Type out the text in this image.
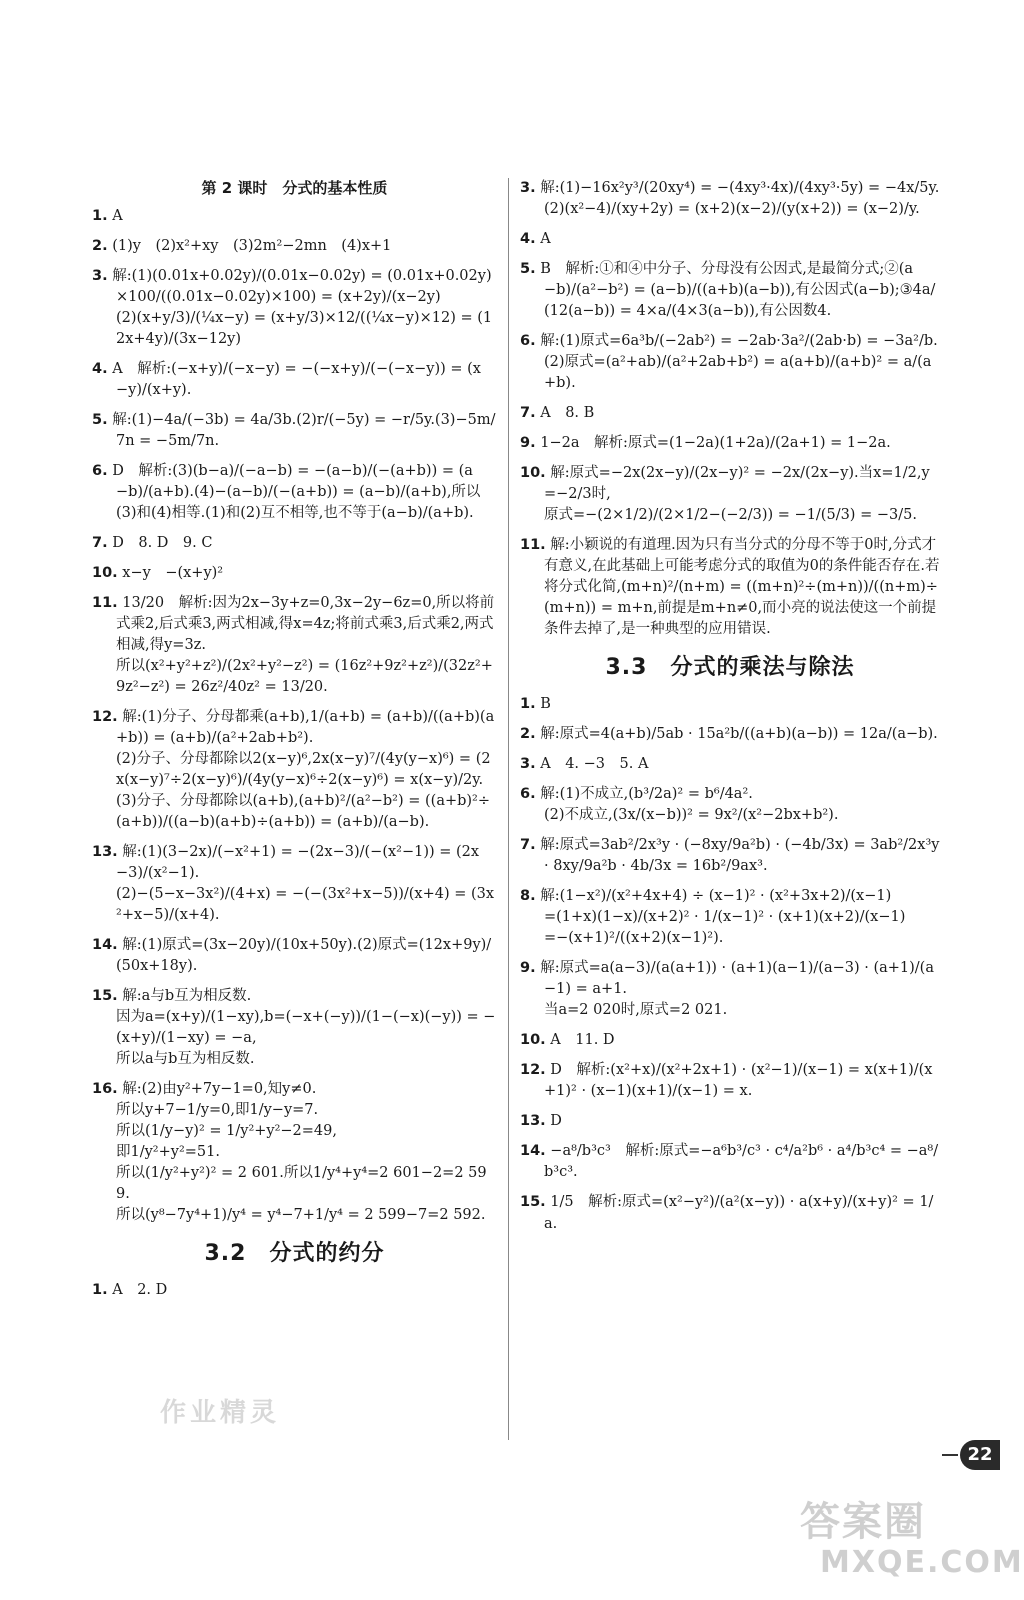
第 2 课时　分式的基本性质
1. A
2. (1)y　(2)x²+xy　(3)2m²−2mn　(4)x+1
3. 解:(1)(0.01x+0.02y)/(0.01x−0.02y) = (0.01x+0.02y)×100/((0.01x−0.02y)×100) = (x+2y)/(x−2y)
(2)(x+y/3)/(¼x−y) = (x+y/3)×12/((¼x−y)×12) = (12x+4y)/(3x−12y)
4. A　解析:(−x+y)/(−x−y) = −(−x+y)/(−(−x−y)) = (x−y)/(x+y).
5. 解:(1)−4a/(−3b) = 4a/3b.(2)r/(−5y) = −r/5y.(3)−5m/7n = −5m/7n.
6. D　解析:(3)(b−a)/(−a−b) = −(a−b)/(−(a+b)) = (a−b)/(a+b).(4)−(a−b)/(−(a+b)) = (a−b)/(a+b),所以(3)和(4)相等.(1)和(2)互不相等,也不等于(a−b)/(a+b).
7. D　8. D　9. C
10. x−y　−(x+y)²
11. 13/20　解析:因为2x−3y+z=0,3x−2y−6z=0,所以将前式乘2,后式乘3,两式相减,得x=4z;将前式乘3,后式乘2,两式相减,得y=3z.
所以(x²+y²+z²)/(2x²+y²−z²) = (16z²+9z²+z²)/(32z²+9z²−z²) = 26z²/40z² = 13/20.
12. 解:(1)分子、分母都乘(a+b),1/(a+b) = (a+b)/((a+b)(a+b)) = (a+b)/(a²+2ab+b²).
(2)分子、分母都除以2(x−y)⁶,2x(x−y)⁷/(4y(y−x)⁶) = (2x(x−y)⁷÷2(x−y)⁶)/(4y(y−x)⁶÷2(x−y)⁶) = x(x−y)/2y.
(3)分子、分母都除以(a+b),(a+b)²/(a²−b²) = ((a+b)²÷(a+b))/((a−b)(a+b)÷(a+b)) = (a+b)/(a−b).
13. 解:(1)(3−2x)/(−x²+1) = −(2x−3)/(−(x²−1)) = (2x−3)/(x²−1).
(2)−(5−x−3x²)/(4+x) = −(−(3x²+x−5))/(x+4) = (3x²+x−5)/(x+4).
14. 解:(1)原式=(3x−20y)/(10x+50y).(2)原式=(12x+9y)/(50x+18y).
15. 解:a与b互为相反数.
因为a=(x+y)/(1−xy),b=(−x+(−y))/(1−(−x)(−y)) = −(x+y)/(1−xy) = −a,
所以a与b互为相反数.
16. 解:(2)由y²+7y−1=0,知y≠0.
所以y+7−1/y=0,即1/y−y=7.
所以(1/y−y)² = 1/y²+y²−2=49,
即1/y²+y²=51.
所以(1/y²+y²)² = 2 601.所以1/y⁴+y⁴=2 601−2=2 599.
所以(y⁸−7y⁴+1)/y⁴ = y⁴−7+1/y⁴ = 2 599−7=2 592.
3.2　分式的约分
1. A　2. D
3. 解:(1)−16x²y³/(20xy⁴) = −(4xy³·4x)/(4xy³·5y) = −4x/5y.
(2)(x²−4)/(xy+2y) = (x+2)(x−2)/(y(x+2)) = (x−2)/y.
4. A
5. B　解析:①和④中分子、分母没有公因式,是最简分式;②(a−b)/(a²−b²) = (a−b)/((a+b)(a−b)),有公因式(a−b);③4a/(12(a−b)) = 4×a/(4×3(a−b)),有公因数4.
6. 解:(1)原式=6a³b/(−2ab²) = −2ab·3a²/(2ab·b) = −3a²/b.
(2)原式=(a²+ab)/(a²+2ab+b²) = a(a+b)/(a+b)² = a/(a+b).
7. A　8. B
9. 1−2a　解析:原式=(1−2a)(1+2a)/(2a+1) = 1−2a.
10. 解:原式=−2x(2x−y)/(2x−y)² = −2x/(2x−y).当x=1/2,y=−2/3时,
原式=−(2×1/2)/(2×1/2−(−2/3)) = −1/(5/3) = −3/5.
11. 解:小颖说的有道理.因为只有当分式的分母不等于0时,分式才有意义,在此基础上可能考虑分式的取值为0的条件能否存在.若将分式化简,(m+n)²/(n+m) = ((m+n)²÷(m+n))/((n+m)÷(m+n)) = m+n,前提是m+n≠0,而小亮的说法使这一个前提条件去掉了,是一种典型的应用错误.
3.3　分式的乘法与除法
1. B
2. 解:原式=4(a+b)/5ab · 15a²b/((a+b)(a−b)) = 12a/(a−b).
3. A　4. −3　5. A
6. 解:(1)不成立,(b³/2a)² = b⁶/4a².
(2)不成立,(3x/(x−b))² = 9x²/(x²−2bx+b²).
7. 解:原式=3ab²/2x³y · (−8xy/9a²b) · (−4b/3x) = 3ab²/2x³y · 8xy/9a²b · 4b/3x = 16b²/9ax³.
8. 解:(1−x²)/(x²+4x+4) ÷ (x−1)² · (x²+3x+2)/(x−1)
=(1+x)(1−x)/(x+2)² · 1/(x−1)² · (x+1)(x+2)/(x−1)
=−(x+1)²/((x+2)(x−1)²).
9. 解:原式=a(a−3)/(a(a+1)) · (a+1)(a−1)/(a−3) · (a+1)/(a−1) = a+1.
当a=2 020时,原式=2 021.
10. A　11. D
12. D　解析:(x²+x)/(x²+2x+1) · (x²−1)/(x−1) = x(x+1)/(x+1)² · (x−1)(x+1)/(x−1) = x.
13. D
14. −a⁸/b³c³　解析:原式=−a⁶b³/c³ · c⁴/a²b⁶ · a⁴/b³c⁴ = −a⁸/b³c³.
15. 1/5　解析:原式=(x²−y²)/(a²(x−y)) · a(x+y)/(x+y)² = 1/a.
作业精灵
22
答案圈
MXQE.COM
